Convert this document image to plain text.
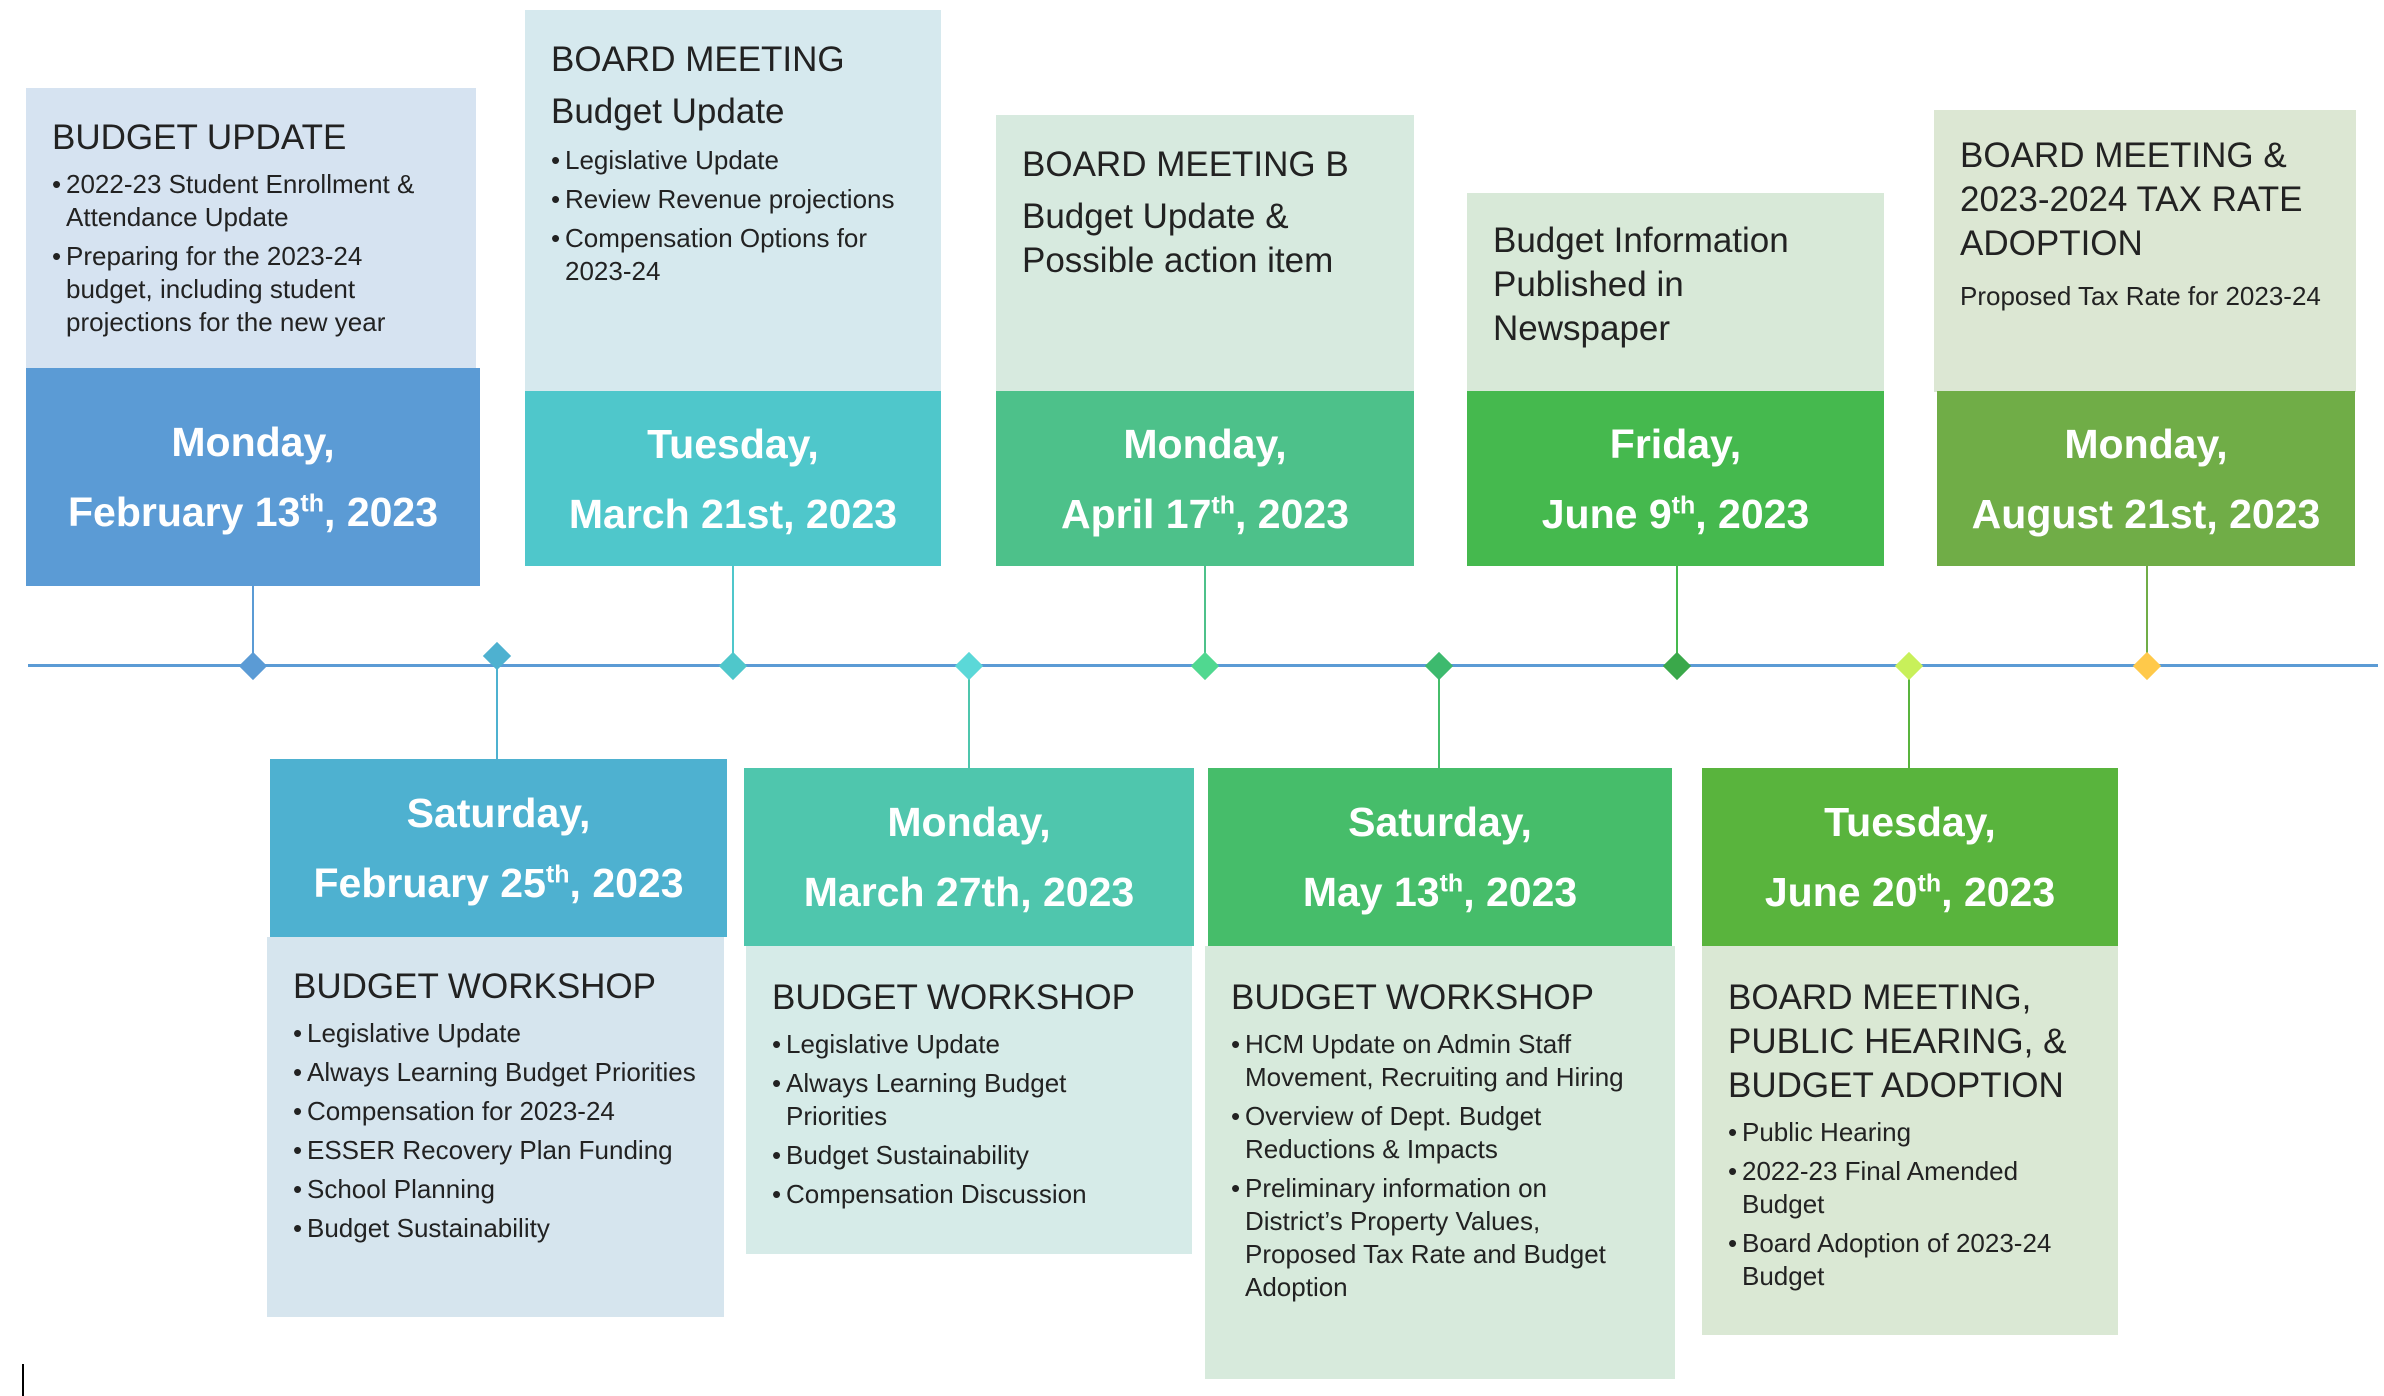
BUDGET UPDATE
• 2022-23 Student Enrollment & Attendance Update
• Preparing for the 2023-24 budget, including student projections for the new year
Monday,
February 13th, 2023
BOARD MEETING
Budget Update
• Legislative Update
• Review Revenue projections
• Compensation Options for 2023-24
Tuesday,
March 21st, 2023
BOARD MEETING B
Budget Update &
Possible action item
Monday,
April 17th, 2023
Budget Information
Published in
Newspaper
Friday,
June 9th, 2023
BOARD MEETING &
2023-2024 TAX RATE
ADOPTION
Proposed Tax Rate for 2023-24
Monday,
August 21st, 2023
Saturday,
February 25th, 2023
BUDGET WORKSHOP
• Legislative Update
• Always Learning Budget Priorities
• Compensation for 2023-24
• ESSER Recovery Plan Funding
• School Planning
• Budget Sustainability
Monday,
March 27th, 2023
BUDGET WORKSHOP
• Legislative Update
• Always Learning Budget Priorities
• Budget Sustainability
• Compensation Discussion
Saturday,
May 13th, 2023
BUDGET WORKSHOP
• HCM Update on Admin Staff Movement, Recruiting and Hiring
• Overview of Dept. Budget Reductions & Impacts
• Preliminary information on District’s Property Values, Proposed Tax Rate and Budget Adoption
Tuesday,
June 20th, 2023
BOARD MEETING,
PUBLIC HEARING, &
BUDGET ADOPTION
• Public Hearing
• 2022-23 Final Amended Budget
• Board Adoption of 2023-24 Budget
